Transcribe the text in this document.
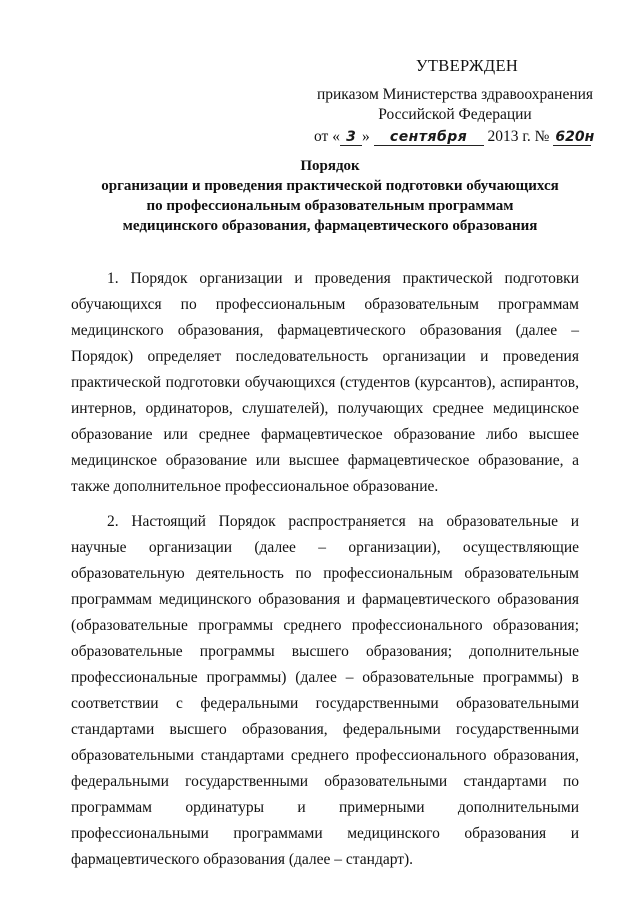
УТВЕРЖДЕН
приказом Министерства здравоохранения
Российской Федерации
от « 3 » сентября 2013 г. № 620н
Порядок
организации и проведения практической подготовки обучающихся
по профессиональным образовательным программам
медицинского образования, фармацевтического образования

1. Порядок организации и проведения практической подготовки обучающихся по профессиональным образовательным программам медицинского образования, фармацевтического образования (далее – Порядок) определяет последовательность организации и проведения практической подготовки обучающихся (студентов (курсантов), аспирантов, интернов, ординаторов, слушателей), получающих среднее медицинское образование или среднее фармацевтическое образование либо высшее медицинское образование или высшее фармацевтическое образование, а также дополнительное профессиональное образование.

2. Настоящий Порядок распространяется на образовательные и научные организации (далее – организации), осуществляющие образовательную деятельность по профессиональным образовательным программам медицинского образования и фармацевтического образования (образовательные программы среднего профессионального образования; образовательные программы высшего образования; дополнительные профессиональные программы) (далее – образовательные программы) в соответствии с федеральными государственными образовательными стандартами высшего образования, федеральными государственными образовательными стандартами среднего профессионального образования, федеральными государственными образовательными стандартами по программам ординатуры и примерными дополнительными профессиональными программами медицинского образования и фармацевтического образования (далее – стандарт).
